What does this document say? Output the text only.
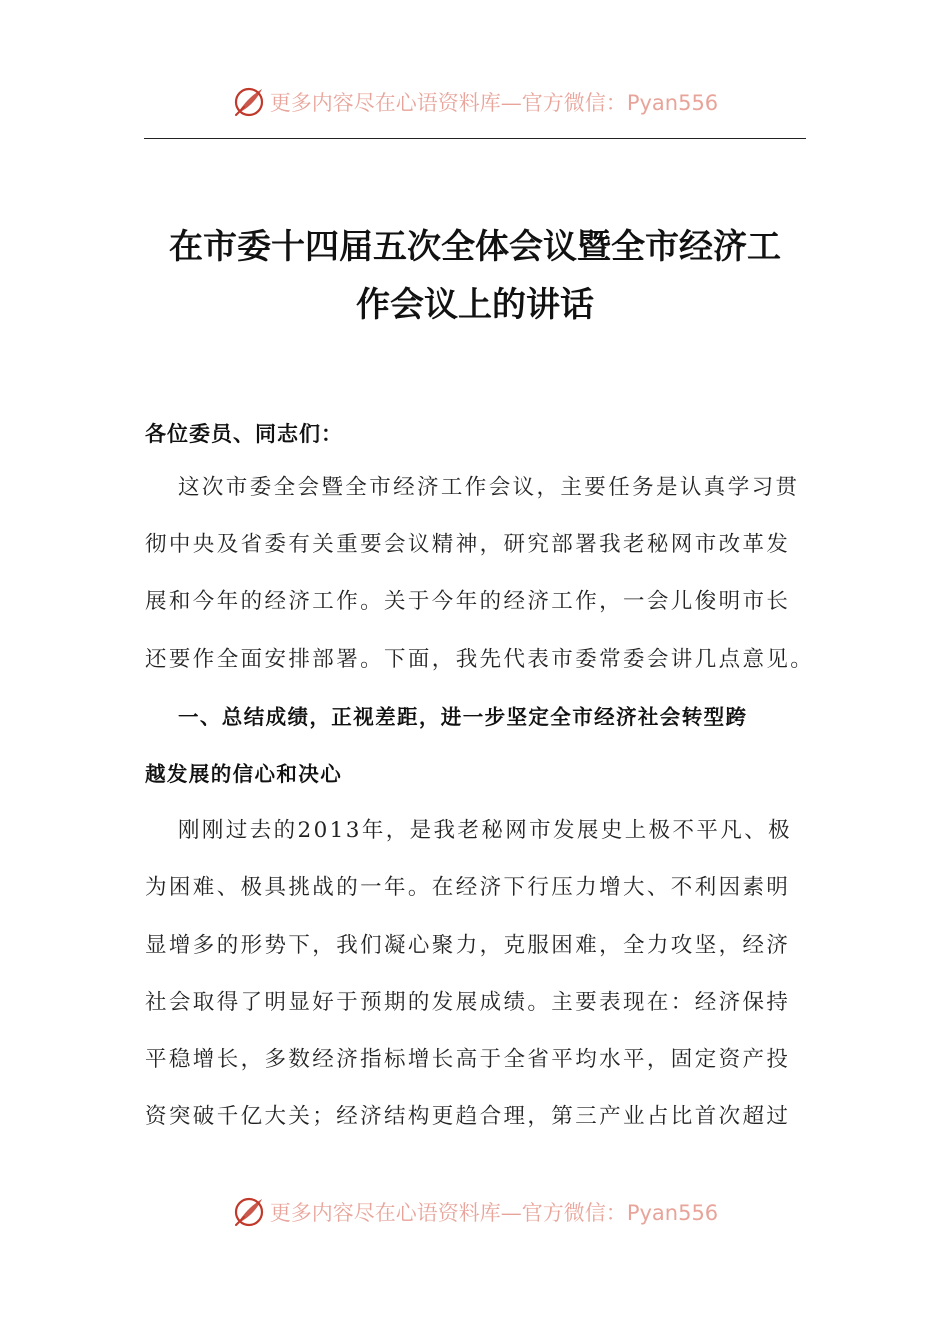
更多内容尽在心语资料库—官方微信：Pyan556
在市委十四届五次全体会议暨全市经济工
作会议上的讲话
各位委员、同志们：
这次市委全会暨全市经济工作会议，主要任务是认真学习贯
彻中央及省委有关重要会议精神，研究部署我老秘网市改革发
展和今年的经济工作。关于今年的经济工作，一会儿俊明市长
还要作全面安排部署。下面，我先代表市委常委会讲几点意见。
一、总结成绩，正视差距，进一步坚定全市经济社会转型跨
越发展的信心和决心
刚刚过去的2013年，是我老秘网市发展史上极不平凡、极
为困难、极具挑战的一年。在经济下行压力增大、不利因素明
显增多的形势下，我们凝心聚力，克服困难，全力攻坚，经济
社会取得了明显好于预期的发展成绩。主要表现在：经济保持
平稳增长，多数经济指标增长高于全省平均水平，固定资产投
资突破千亿大关；经济结构更趋合理，第三产业占比首次超过
更多内容尽在心语资料库—官方微信：Pyan556
